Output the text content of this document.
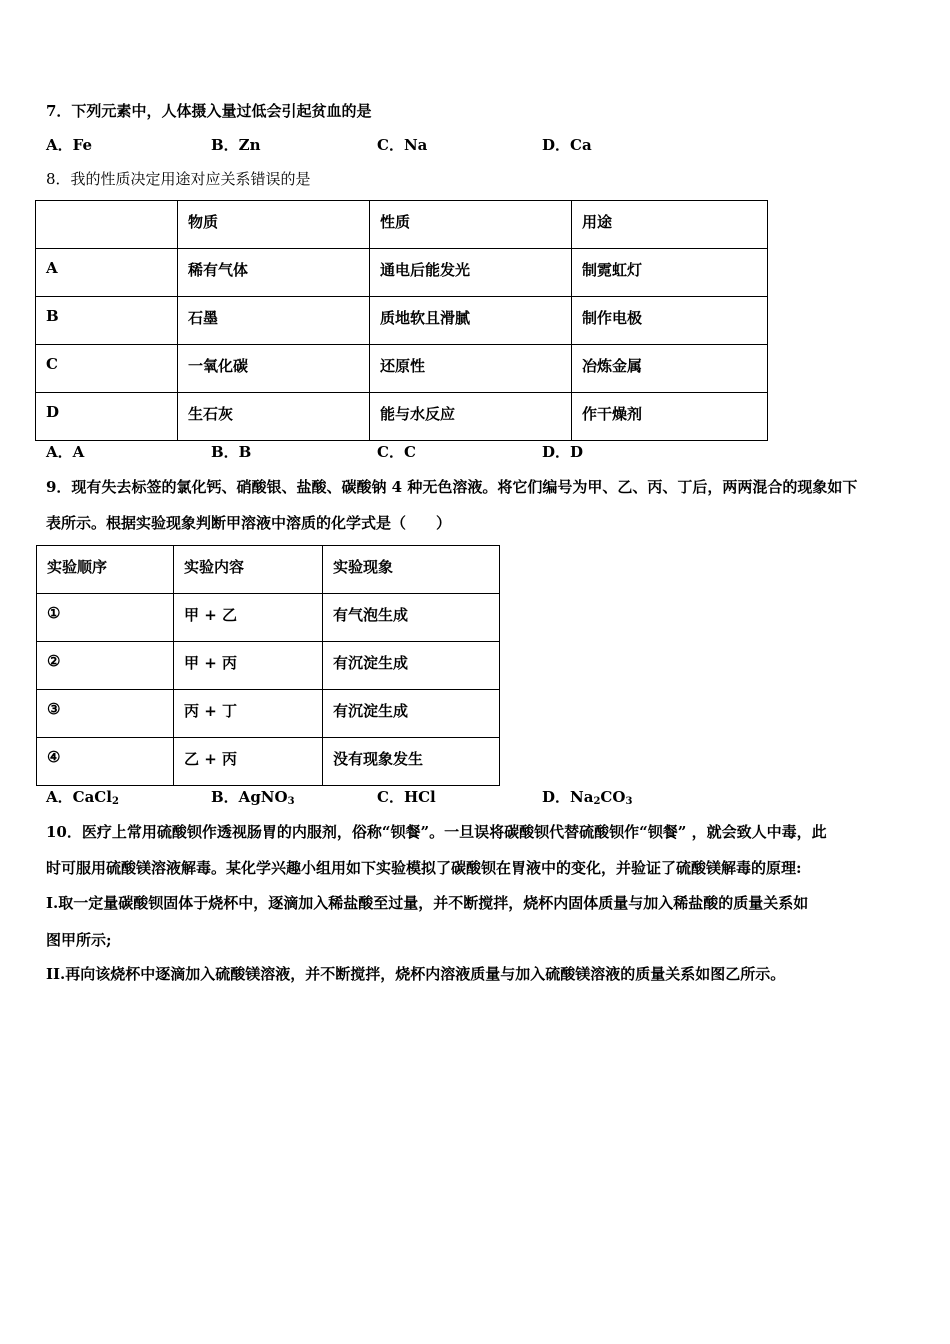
7．下列元素中，人体摄入量过低会引起贫血的是
A．Fe	B．Zn	C．Na	D．Ca
8．我的性质决定用途对应关系错误的是
	物质	性质	用途
A	稀有气体	通电后能发光	制霓虹灯
B	石墨	质地软且滑腻	制作电极
C	一氧化碳	还原性	冶炼金属
D	生石灰	能与水反应	作干燥剂
A．A	B．B	C．C	D．D
9．现有失去标签的氯化钙、硝酸银、盐酸、碳酸钠 4 种无色溶液。将它们编号为甲、乙、丙、丁后，两两混合的现象如下
表所示。根据实验现象判断甲溶液中溶质的化学式是（　　）
实验顺序	实验内容	实验现象
①	甲 + 乙	有气泡生成
②	甲 + 丙	有沉淀生成
③	丙 + 丁	有沉淀生成
④	乙 + 丙	没有现象发生
A．CaCl$_2$	B．AgNO$_3$	C．HCl	D．$Na_2CO_3$
10．医疗上常用硫酸钡作透视肠胃的内服剂，俗称“钡餐”。一旦误将碳酸钡代替硫酸钡作“钡餐” ，就会致人中毒，此
时可服用硫酸镁溶液解毒。某化学兴趣小组用如下实验模拟了碳酸钡在胃液中的变化，并验证了硫酸镁解毒的原理:
I.取一定量碳酸钡固体于烧杯中，逐滴加入稀盐酸至过量，并不断搅拌，烧杯内固体质量与加入稀盐酸的质量关系如
图甲所示;
II.再向该烧杯中逐滴加入硫酸镁溶液，并不断搅拌，烧杯内溶液质量与加入硫酸镁溶液的质量关系如图乙所示。
